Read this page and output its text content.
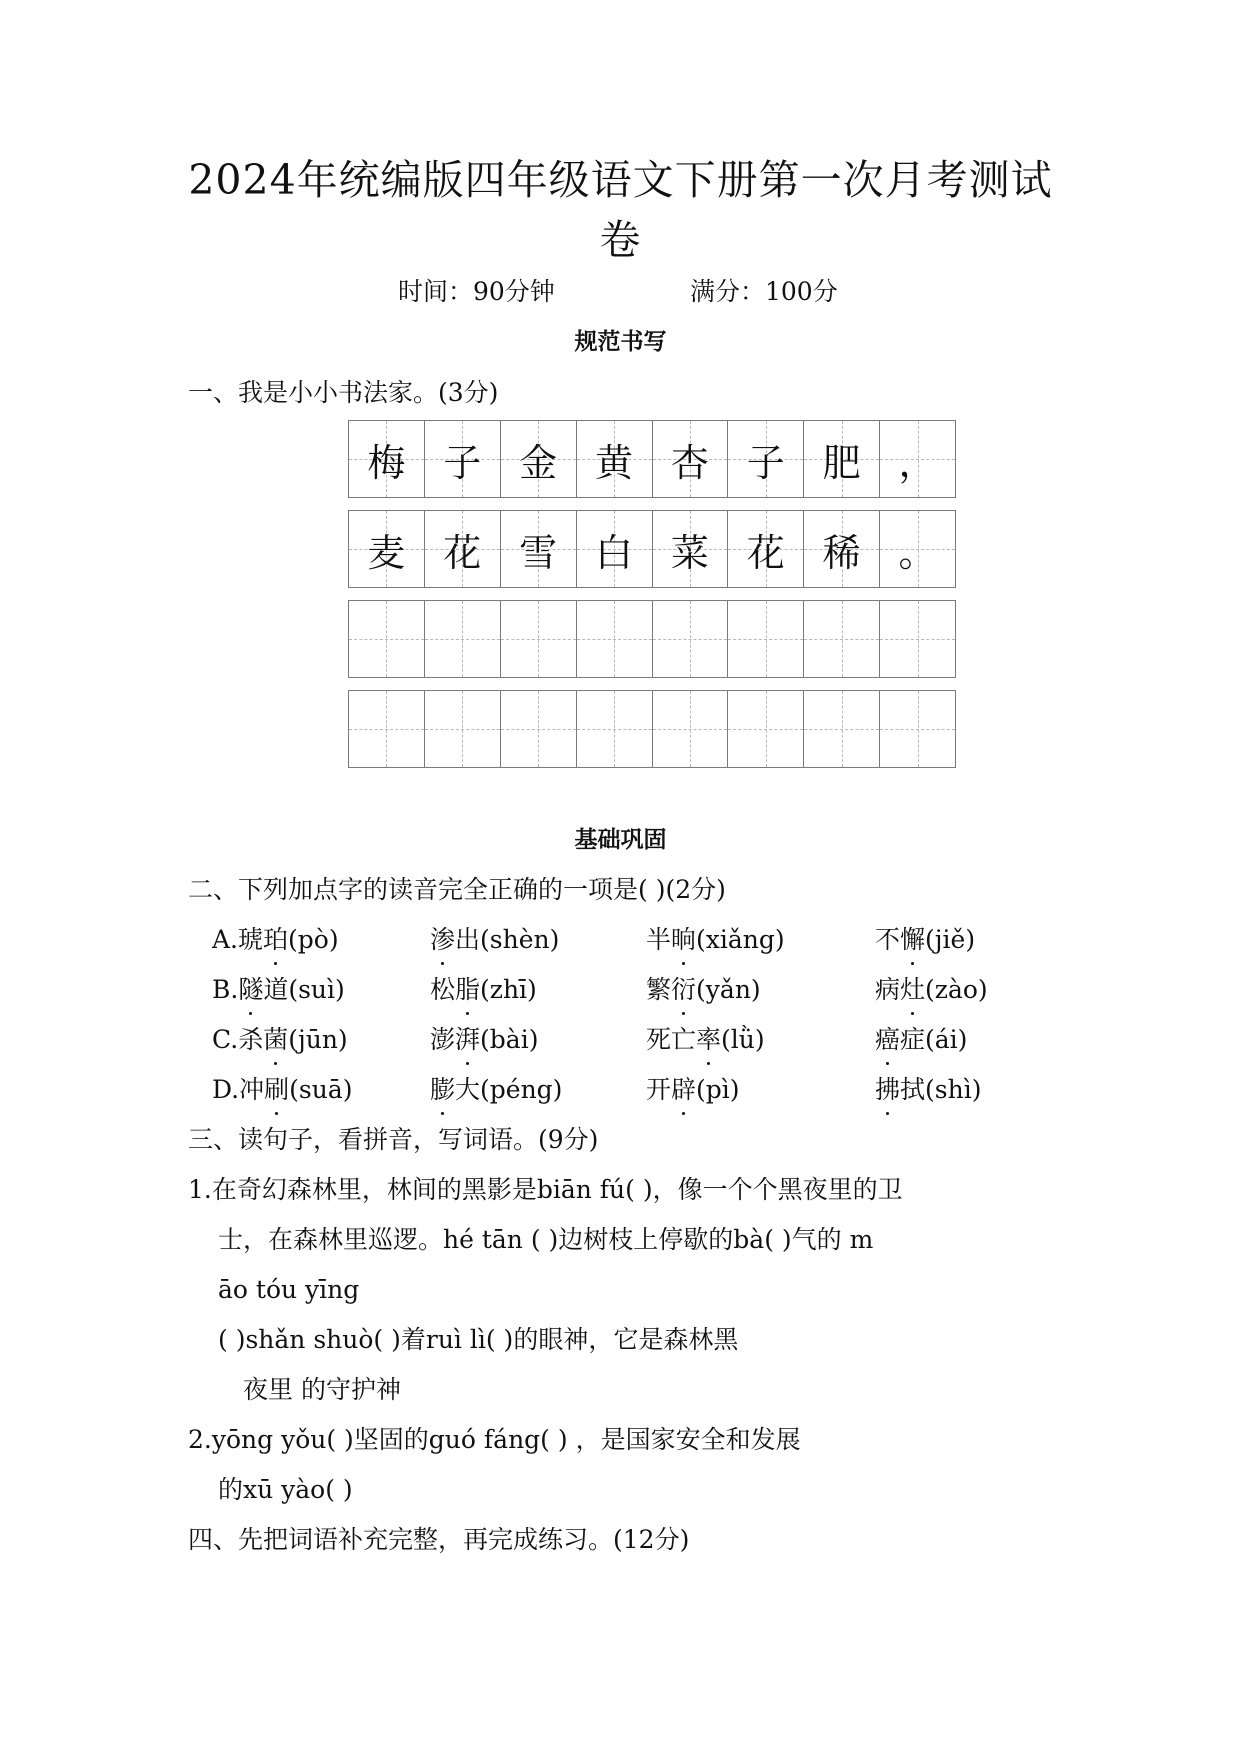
2024年统编版四年级语文下册第一次月考测试
卷
时间：90分钟	满分：100分
规范书写
一、我是小小书法家。(3分)
梅 子 金 黄 杏 子 肥 ，
麦 花 雪 白 菜 花 稀 。
基础巩固
二、下列加点字的读音完全正确的一项是( )(2分)
A.琥珀(pò)	渗出(shèn)	半晌(xiǎng)	不懈(jiě)
B.隧道(suì)	松脂(zhī)	繁衍(yǎn)	病灶(zào)
C.杀菌(jūn)	澎湃(bài)	死亡率(lǜ)	癌症(ái)
D.冲刷(suā)	膨大(péng)	开辟(pì)	拂拭(shì)
三、读句子，看拼音，写词语。(9分)
1.在奇幻森林里，林间的黑影是biān fú( )，像一个个黑夜里的卫
士，在森林里巡逻。hé tān ( )边树枝上停歇的bà( )气的 m
āo tóu yīng
( )shǎn shuò( )着ruì lì( )的眼神，它是森林黑
夜里 的守护神
2.yōng yǒu( )坚固的guó fáng( ) ，是国家安全和发展
的xū yào( )
四、先把词语补充完整，再完成练习。(12分)
